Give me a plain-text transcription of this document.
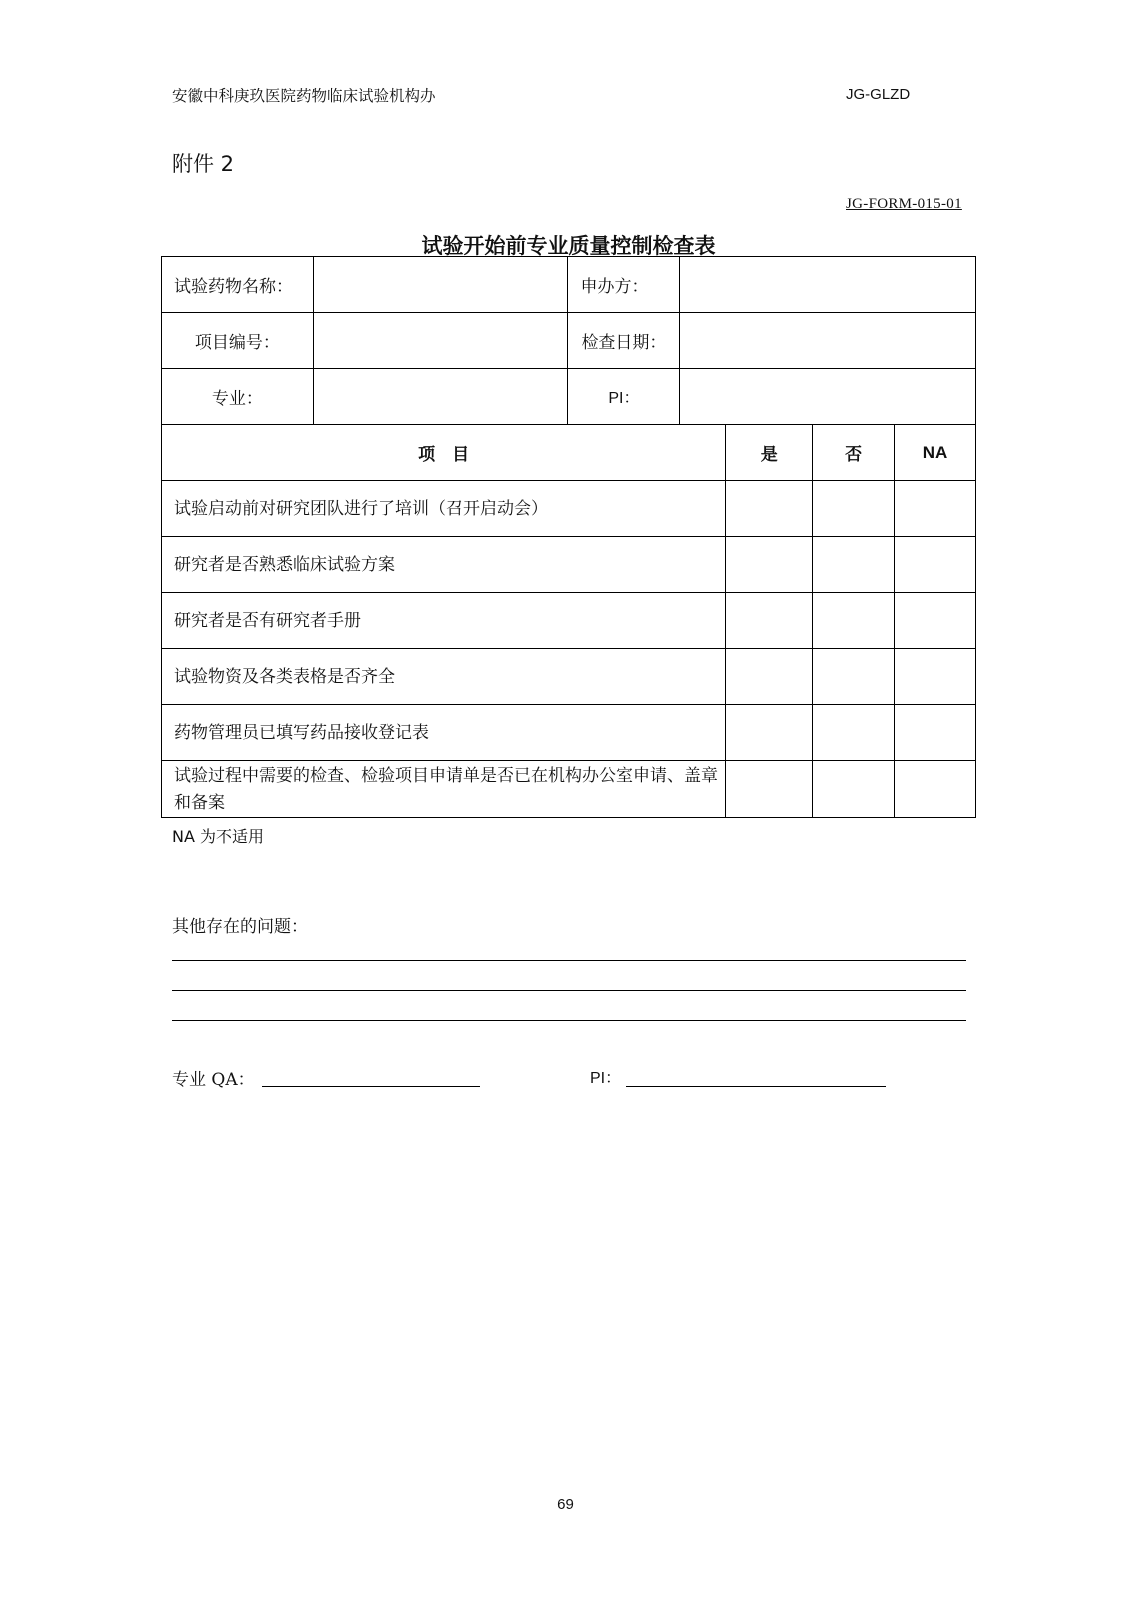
安徽中科庚玖医院药物临床试验机构办	JG-GLZD
附件 2
JG-FORM-015-01
试验开始前专业质量控制检查表
试验药物名称：		申办方：	
项目编号：		检查日期：	
专业：		PI：	
项　目	是	否	NA
试验启动前对研究团队进行了培训（召开启动会）			
研究者是否熟悉临床试验方案			
研究者是否有研究者手册			
试验物资及各类表格是否齐全			
药物管理员已填写药品接收登记表			
试验过程中需要的检查、检验项目申请单是否已在机构办公室申请、盖章和备案			
NA 为不适用
其他存在的问题：
专业 QA：	PI：
69
